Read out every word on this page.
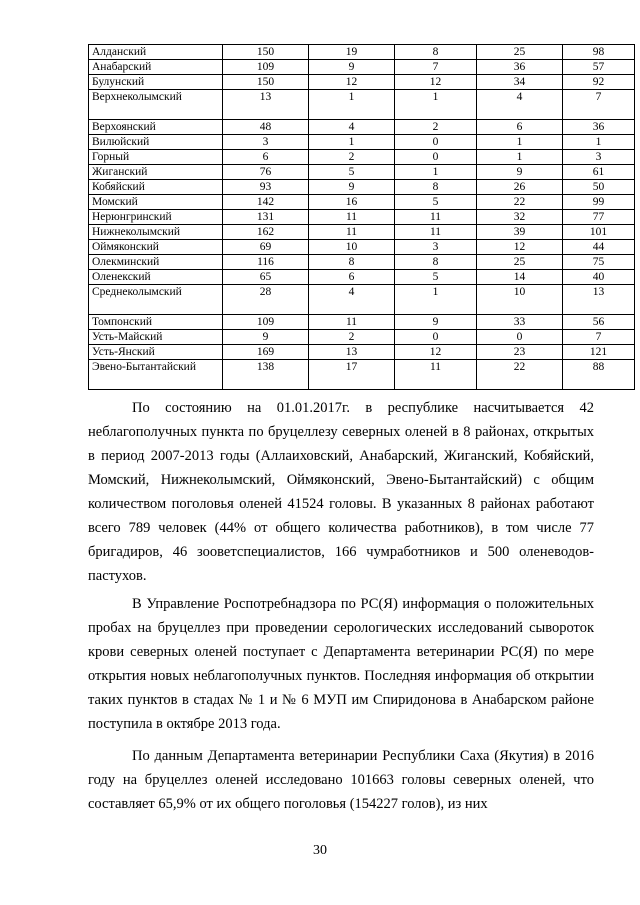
Алданский	150	19	8	25	98
Анабарский	109	9	7	36	57
Булунский	150	12	12	34	92
Верхнеколымский	13	1	1	4	7
Верхоянский	48	4	2	6	36
Вилюйский	3	1	0	1	1
Горный	6	2	0	1	3
Жиганский	76	5	1	9	61
Кобяйский	93	9	8	26	50
Момский	142	16	5	22	99
Нерюнгринский	131	11	11	32	77
Нижнеколымский	162	11	11	39	101
Оймяконский	69	10	3	12	44
Олекминский	116	8	8	25	75
Оленекский	65	6	5	14	40
Среднеколымский	28	4	1	10	13
Томпонский	109	11	9	33	56
Усть-Майский	9	2	0	0	7
Усть-Янский	169	13	12	23	121
Эвено-Бытантайский	138	17	11	22	88

По состоянию на 01.01.2017г. в республике насчитывается 42 неблагополучных пункта по бруцеллезу северных оленей в 8 районах, открытых в период 2007-2013 годы (Аллаиховский, Анабарский, Жиганский, Кобяйский, Момский, Нижнеколымский, Оймяконский, Эвено-Бытантайский) с общим количеством поголовья оленей 41524 головы. В указанных 8 районах работают всего 789 человек (44% от общего количества работников), в том числе 77 бригадиров, 46 зооветспециалистов, 166 чумработников и 500 оленеводов-пастухов.

В Управление Роспотребнадзора по РС(Я) информация о положительных пробах на бруцеллез при проведении серологических исследований сывороток крови северных оленей поступает с Департамента ветеринарии РС(Я) по мере открытия новых неблагополучных пунктов. Последняя информация об открытии таких пунктов в стадах № 1 и № 6 МУП им Спиридонова в Анабарском районе поступила в октябре 2013 года.

По данным Департамента ветеринарии Республики Саха (Якутия) в 2016 году на бруцеллез оленей исследовано 101663 головы северных оленей, что составляет 65,9% от их общего поголовья (154227 голов), из них

30
